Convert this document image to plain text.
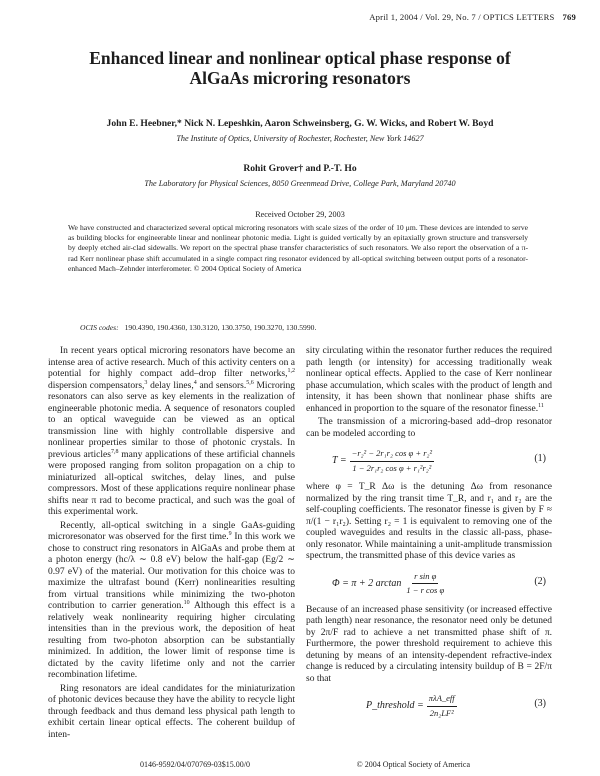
April 1, 2004 / Vol. 29, No. 7 / OPTICS LETTERS 769
Enhanced linear and nonlinear optical phase response of
AlGaAs microring resonators
John E. Heebner,* Nick N. Lepeshkin, Aaron Schweinsberg, G. W. Wicks, and Robert W. Boyd
The Institute of Optics, University of Rochester, Rochester, New York 14627
Rohit Grover† and P.-T. Ho
The Laboratory for Physical Sciences, 8050 Greenmead Drive, College Park, Maryland 20740
Received October 29, 2003
We have constructed and characterized several optical microring resonators with scale sizes of the order of 10 μm. These devices are intended to serve as building blocks for engineerable linear and nonlinear photonic media. Light is guided vertically by an epitaxially grown structure and transversely by deeply etched air-clad sidewalls. We report on the spectral phase transfer characteristics of such resonators. We also report the observation of a π-rad Kerr nonlinear phase shift accumulated in a single compact ring resonator evidenced by all-optical switching between output ports of a resonator-enhanced Mach–Zehnder interferometer. © 2004 Optical Society of America
OCIS codes: 190.4390, 190.4360, 130.3120, 130.3750, 190.3270, 130.5990.

In recent years optical microring resonators have become an intense area of active research. Much of this activity centers on a potential for highly compact add–drop filter networks,$^{1,2}$ dispersion compensators,$^3$ delay lines,$^4$ and sensors.$^{5,6}$ Microring resonators can also serve as key elements in the realization of engineerable photonic media. A sequence of resonators coupled to an optical waveguide can be viewed as an optical transmission line with highly controllable dispersive and nonlinear properties similar to those of photonic crystals. In previous articles$^{7,8}$ many applications of these artificial channels were proposed ranging from soliton propagation on a chip to miniaturized all-optical switches, delay lines, and pulse compressors. Most of these applications require nonlinear phase shifts near π rad to become practical, and such was the goal of this experimental work.

Recently, all-optical switching in a single GaAs-guiding microresonator was observed for the first time.$^9$ In this work we chose to construct ring resonators in AlGaAs and probe them at a photon energy (hc/λ ∼ 0.8 eV) below the half-gap (Eg/2 ∼ 0.97 eV) of the material. Our motivation for this choice was to maximize the ultrafast bound (Kerr) nonlinearities resulting from virtual transitions while minimizing the two-photon contribution to carrier generation.$^{10}$ Although this effect is a relatively weak nonlinearity requiring higher circulating intensities than in the previous work, the deposition of heat resulting from two-photon absorption can be substantially minimized. In addition, the lower limit of response time is dictated by the cavity lifetime only and not the carrier recombination lifetime.

Ring resonators are ideal candidates for the miniaturization of photonic devices because they have the ability to recycle light through feedback and thus demand less physical path length to exhibit certain linear optical effects. The coherent buildup of inten-

sity circulating within the resonator further reduces the required path length (or intensity) for accessing traditionally weak nonlinear optical effects. Applied to the case of Kerr nonlinear phase accumulation, which scales with the product of length and intensity, it has been shown that nonlinear phase shifts are enhanced in proportion to the square of the resonator finesse.$^{11}$

The transmission of a microring-based add–drop resonator can be modeled according to

$T = \frac{\text{−r₂² − 2r₁r₂ cos φ + r₂²}}{\text{1 − 2r₁r₂ cos φ + r₁²r₂²}}$	(1)

where φ = T_R Δω is the detuning Δω from resonance normalized by the ring transit time T_R, and r₁ and r₂ are the self-coupling coefficients. The resonator finesse is given by F ≈ π/(1 − r₁r₂). Setting r₂ = 1 is equivalent to removing one of the coupled waveguides and results in the classic all-pass, phase-only resonator. While maintaining a unit-amplitude transmission spectrum, the transmitted phase of this device varies as

Φ = π + 2 $\arctan \frac{\text{r sin φ}}{\text{1 − r cos φ}}$	(2)

Because of an increased phase sensitivity (or increased effective path length) near resonance, the resonator need only be detuned by 2π/F rad to achieve a net transmitted phase shift of π. Furthermore, the power threshold requirement to achieve this detuning by means of an intensity-dependent refractive-index change is reduced by a circulating intensity buildup of B = 2F/π so that

P_threshold = $\frac{\text{πλA\_eff}}{\text{2n₂LF²}}$	(3)
0146-9592/04/070769-03$15.00/0	© 2004 Optical Society of America
